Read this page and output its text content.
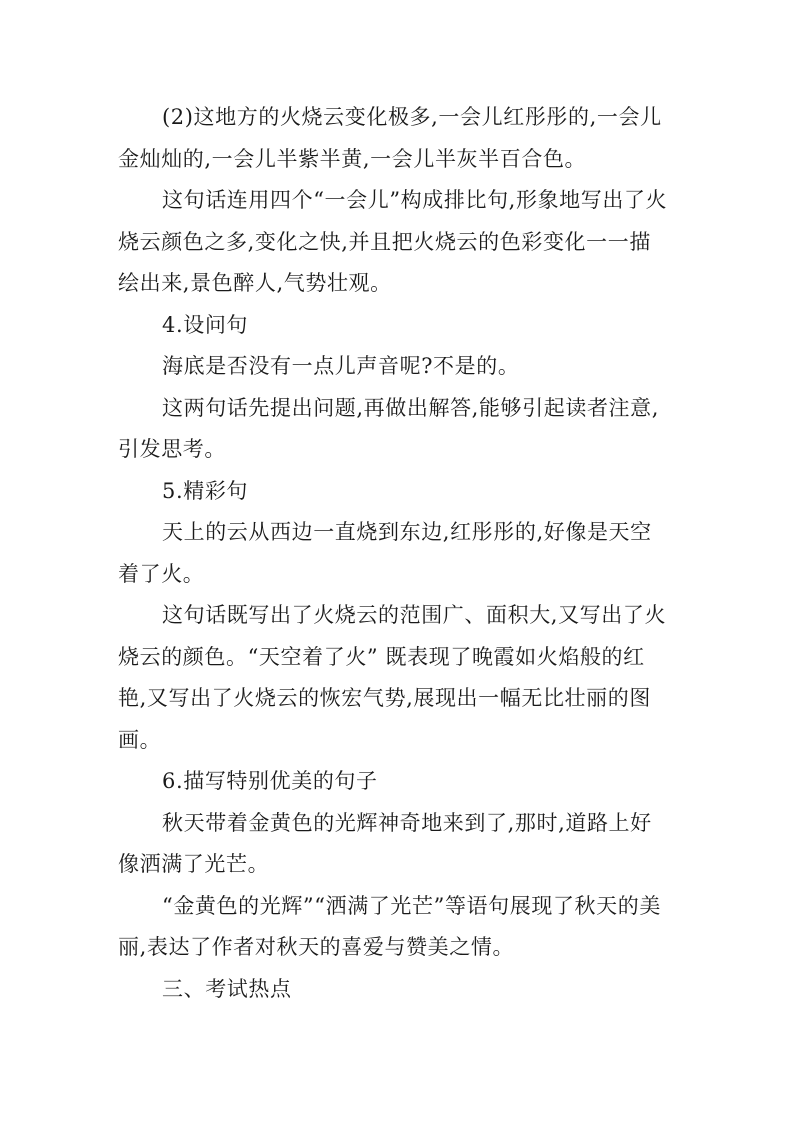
(2)这地方的火烧云变化极多,一会儿红彤彤的,一会儿金灿灿的,一会儿半紫半黄,一会儿半灰半百合色。

这句话连用四个“一会儿”构成排比句,形象地写出了火烧云颜色之多,变化之快,并且把火烧云的色彩变化一一描绘出来,景色醉人,气势壮观。

4.设问句

海底是否没有一点儿声音呢?不是的。

这两句话先提出问题,再做出解答,能够引起读者注意,引发思考。

5.精彩句

天上的云从西边一直烧到东边,红彤彤的,好像是天空着了火。

这句话既写出了火烧云的范围广、面积大,又写出了火烧云的颜色。“天空着了火” 既表现了晚霞如火焰般的红艳,又写出了火烧云的恢宏气势,展现出一幅无比壮丽的图画。

6.描写特别优美的句子

秋天带着金黄色的光辉神奇地来到了,那时,道路上好像洒满了光芒。

“金黄色的光辉”“洒满了光芒”等语句展现了秋天的美丽,表达了作者对秋天的喜爱与赞美之情。

三、考试热点
